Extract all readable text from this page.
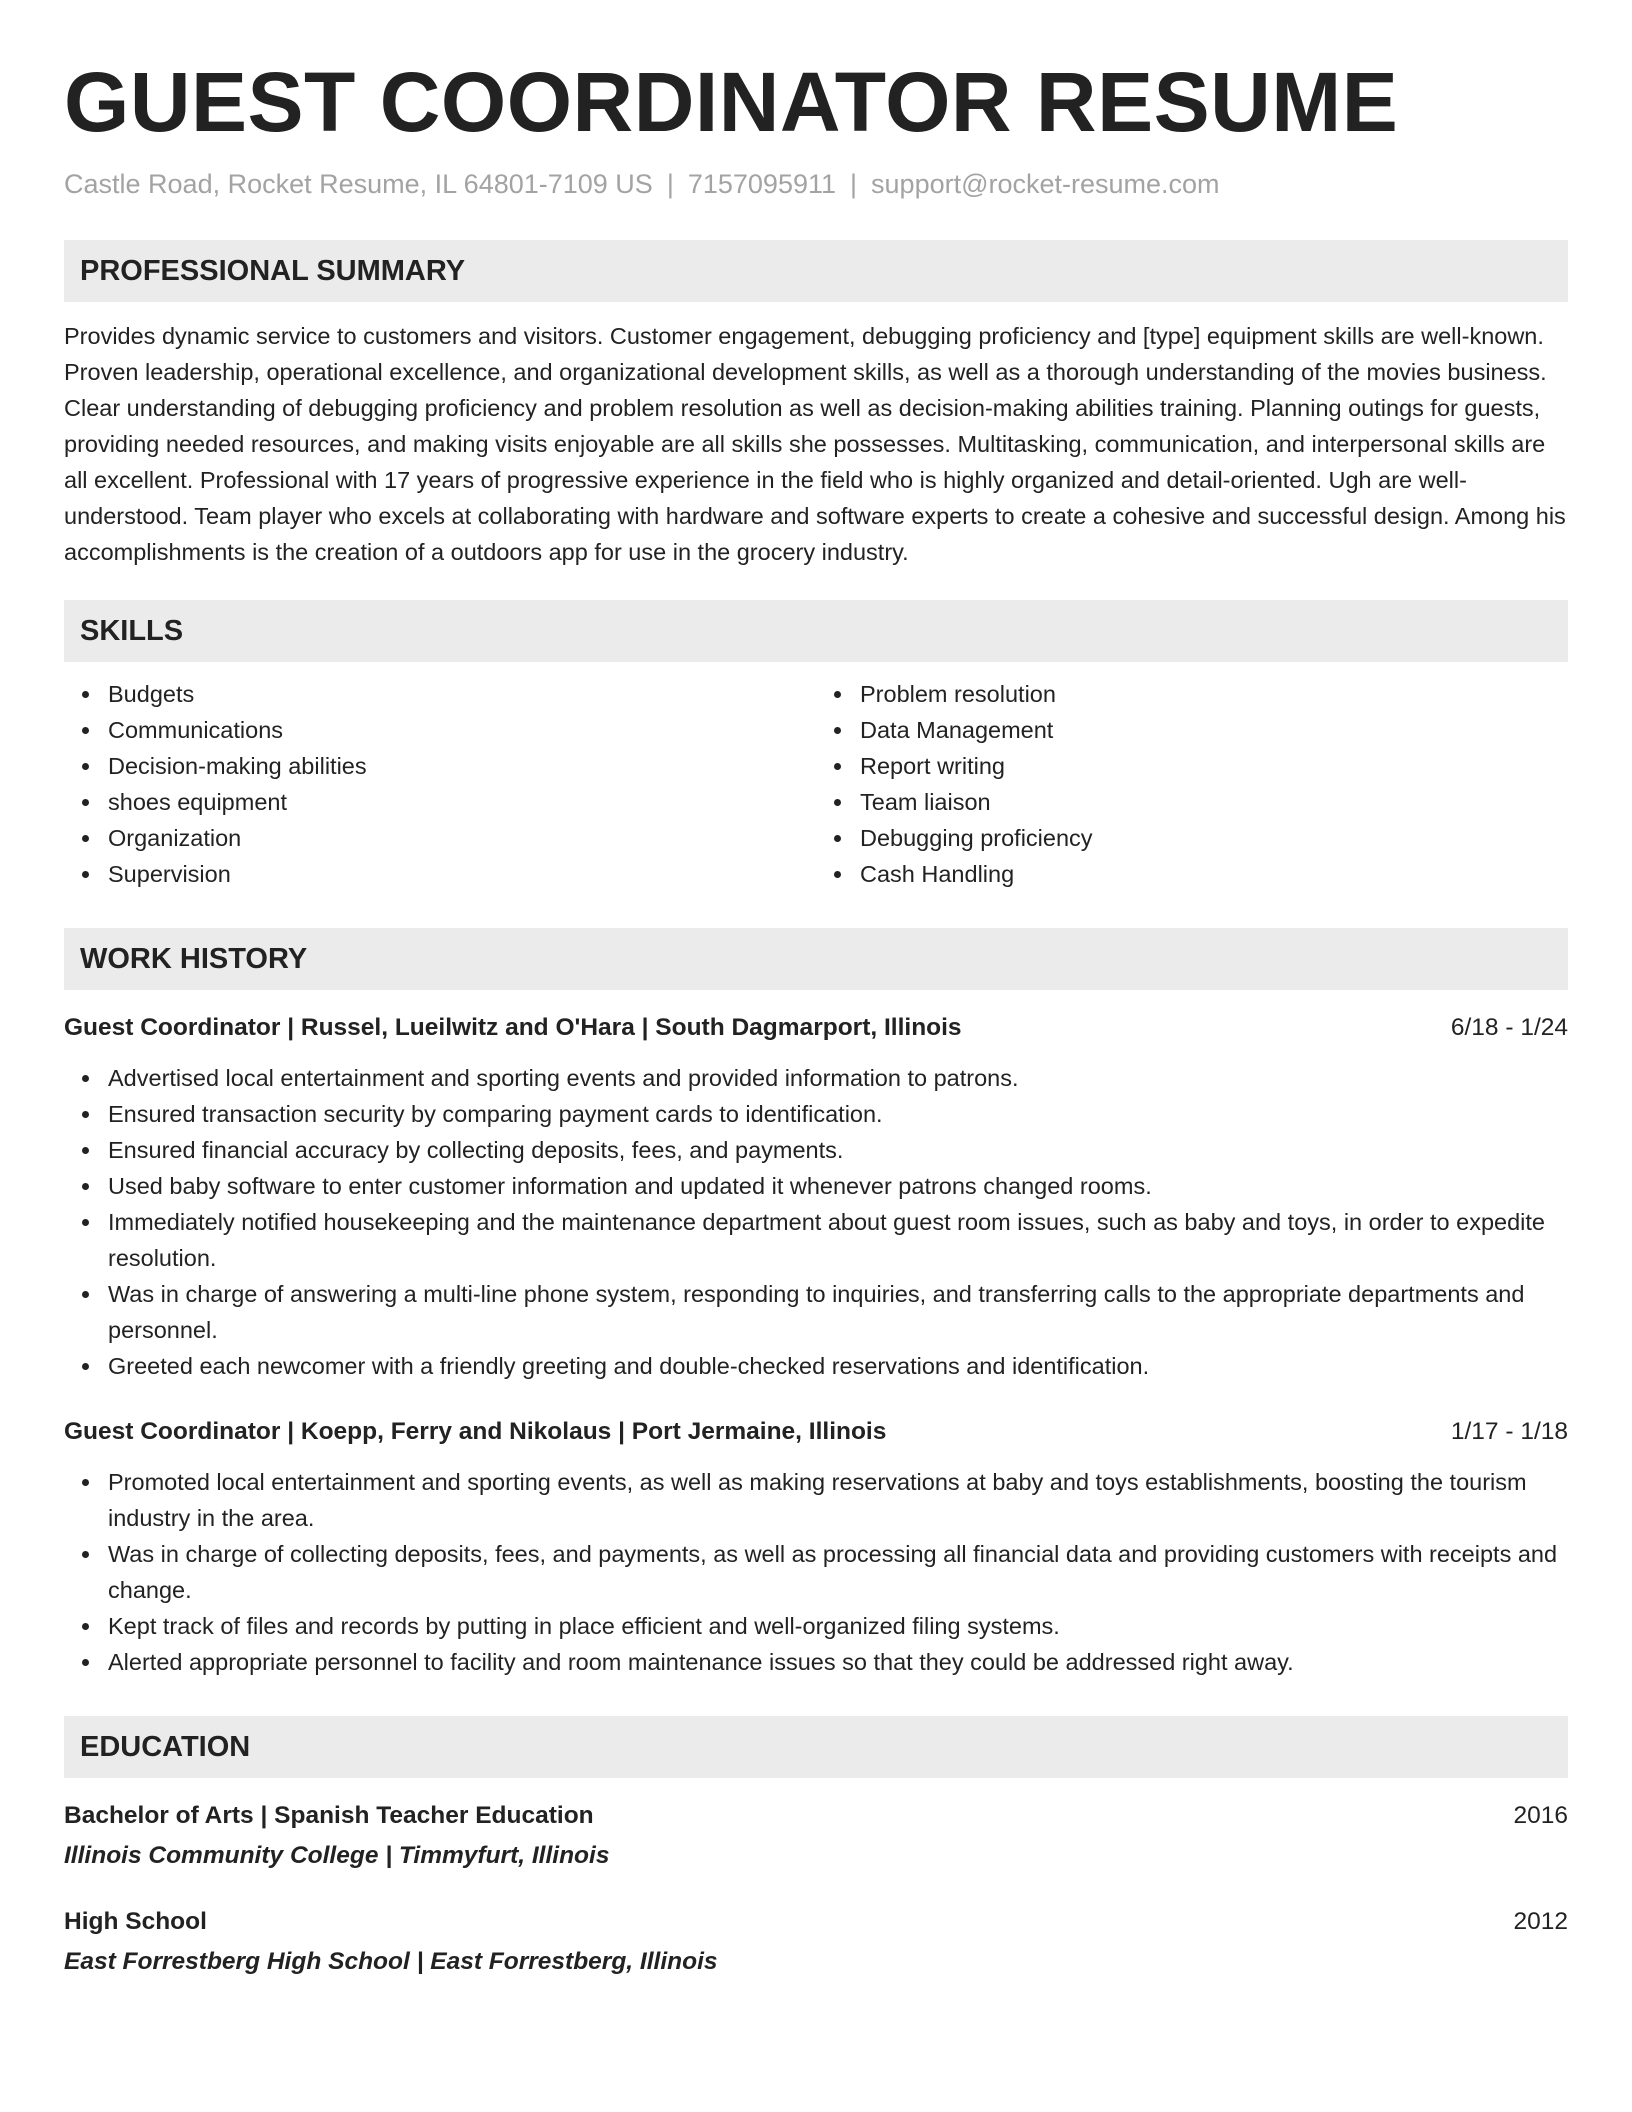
GUEST COORDINATOR RESUME
Castle Road, Rocket Resume, IL 64801-7109 US | 7157095911 | support@rocket-resume.com
PROFESSIONAL SUMMARY

Provides dynamic service to customers and visitors. Customer engagement, debugging proficiency and [type] equipment skills are well-known. Proven leadership, operational excellence, and organizational development skills, as well as a thorough understanding of the movies business. Clear understanding of debugging proficiency and problem resolution as well as decision-making abilities training. Planning outings for guests, providing needed resources, and making visits enjoyable are all skills she possesses. Multitasking, communication, and interpersonal skills are all excellent. Professional with 17 years of progressive experience in the field who is highly organized and detail-oriented. Ugh are well-understood. Team player who excels at collaborating with hardware and software experts to create a cohesive and successful design. Among his accomplishments is the creation of a outdoors app for use in the grocery industry.

SKILLS
Budgets
Communications
Decision-making abilities
shoes equipment
Organization
Supervision
Problem resolution
Data Management
Report writing
Team liaison
Debugging proficiency
Cash Handling
WORK HISTORY
Guest Coordinator | Russel, Lueilwitz and O'Hara | South Dagmarport, Illinois	6/18 - 1/24
Advertised local entertainment and sporting events and provided information to patrons.
Ensured transaction security by comparing payment cards to identification.
Ensured financial accuracy by collecting deposits, fees, and payments.
Used baby software to enter customer information and updated it whenever patrons changed rooms.
Immediately notified housekeeping and the maintenance department about guest room issues, such as baby and toys, in order to expedite resolution.
Was in charge of answering a multi-line phone system, responding to inquiries, and transferring calls to the appropriate departments and personnel.
Greeted each newcomer with a friendly greeting and double-checked reservations and identification.
Guest Coordinator | Koepp, Ferry and Nikolaus | Port Jermaine, Illinois	1/17 - 1/18
Promoted local entertainment and sporting events, as well as making reservations at baby and toys establishments, boosting the tourism industry in the area.
Was in charge of collecting deposits, fees, and payments, as well as processing all financial data and providing customers with receipts and change.
Kept track of files and records by putting in place efficient and well-organized filing systems.
Alerted appropriate personnel to facility and room maintenance issues so that they could be addressed right away.
EDUCATION
Bachelor of Arts | Spanish Teacher Education	2016
Illinois Community College | Timmyfurt, Illinois
High School	2012
East Forrestberg High School | East Forrestberg, Illinois
